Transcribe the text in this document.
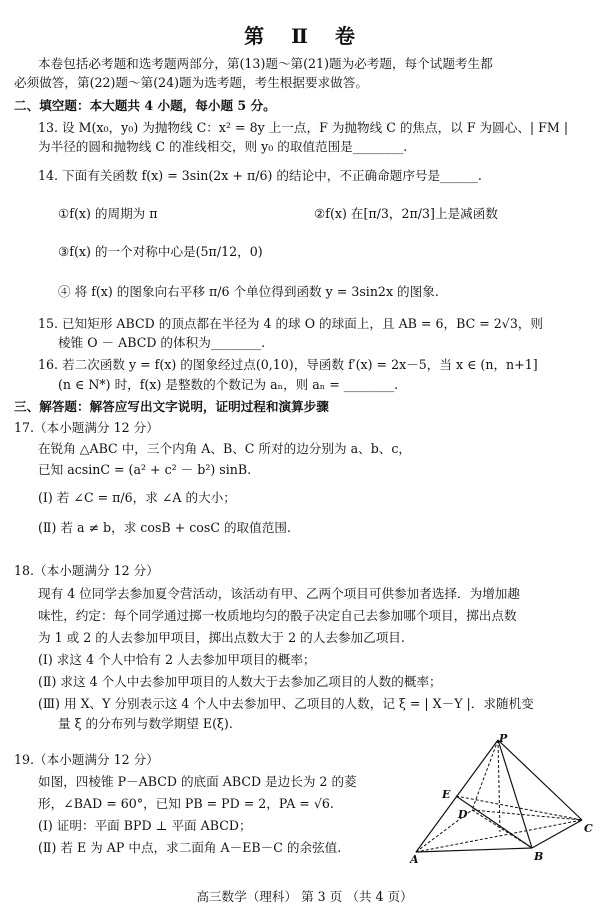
第 Ⅱ 卷
本卷包括必考题和选考题两部分，第(13)题～第(21)题为必考题，每个试题考生都
必须做答，第(22)题～第(24)题为选考题，考生根据要求做答。
二、填空题：本大题共 4 小题，每小题 5 分。
13. 设 M(x₀，y₀) 为抛物线 C：x² = 8y 上一点，F 为抛物线 C 的焦点，以 F 为圆心、| FM |
为半径的圆和抛物线 C 的准线相交，则 y₀ 的取值范围是________.
14. 下面有关函数 f(x) = 3sin(2x + π/6) 的结论中，不正确命题序号是______.
①f(x) 的周期为 π	②f(x) 在[π/3，2π/3]上是减函数
③f(x) 的一个对称中心是(5π/12，0)
④ 将 f(x) 的图象向右平移 π/6 个单位得到函数 y = 3sin2x 的图象.
15. 已知矩形 ABCD 的顶点都在半径为 4 的球 O 的球面上，且 AB = 6，BC = 2√3，则
棱锥 O － ABCD 的体积为________.
16. 若二次函数 y = f(x) 的图象经过点(0,10)，导函数 f′(x) = 2x－5，当 x ∈ (n，n+1]
(n ∈ N*) 时，f(x) 是整数的个数记为 aₙ，则 aₙ = ________.
三、解答题：解答应写出文字说明，证明过程和演算步骤
17.（本小题满分 12 分）
在锐角 △ABC 中，三个内角 A、B、C 所对的边分别为 a、b、c，
已知 acsinC = (a² + c² － b²) sinB.
(Ⅰ) 若 ∠C = π/6，求 ∠A 的大小；
(Ⅱ) 若 a ≠ b，求 cosB + cosC 的取值范围.
18.（本小题满分 12 分）
现有 4 位同学去参加夏令营活动，该活动有甲、乙两个项目可供参加者选择．为增加趣
味性，约定：每个同学通过掷一枚质地均匀的骰子决定自己去参加哪个项目，掷出点数
为 1 或 2 的人去参加甲项目，掷出点数大于 2 的人去参加乙项目.
(Ⅰ) 求这 4 个人中恰有 2 人去参加甲项目的概率；
(Ⅱ) 求这 4 个人中去参加甲项目的人数大于去参加乙项目的人数的概率；
(Ⅲ) 用 X、Y 分别表示这 4 个人中去参加甲、乙项目的人数，记 ξ = | X－Y |．求随机变
量 ξ 的分布列与数学期望 E(ξ).
19.（本小题满分 12 分）
如图，四棱锥 P－ABCD 的底面 ABCD 是边长为 2 的菱
形，∠BAD = 60°，已知 PB = PD = 2，PA = √6.
(Ⅰ) 证明：平面 BPD ⊥ 平面 ABCD；
(Ⅱ) 若 E 为 AP 中点，求二面角 A－EB－C 的余弦值.
P
E
D
C
A	B
高三数学（理科） 第 3 页 （共 4 页）
